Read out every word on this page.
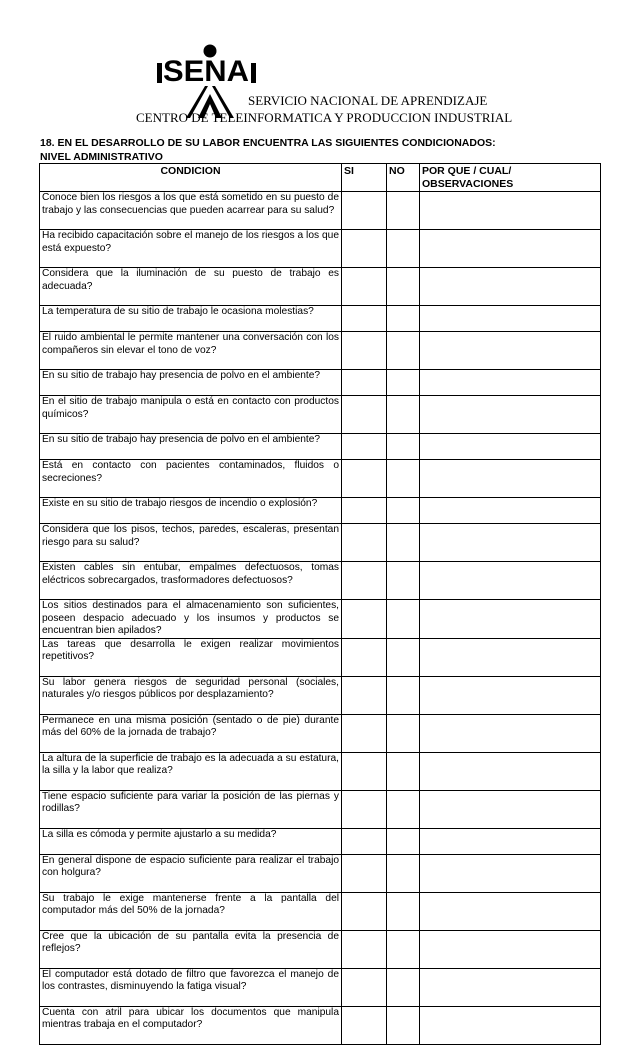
SENA
SERVICIO NACIONAL DE APRENDIZAJE
CENTRO DE TELEINFORMATICA Y PRODUCCION INDUSTRIAL
18. EN EL DESARROLLO DE SU LABOR ENCUENTRA LAS SIGUIENTES CONDICIONADOS:
NIVEL ADMINISTRATIVO
CONDICION	SI	NO	POR QUE / CUAL/ OBSERVACIONES
Conoce bien los riesgos a los que está sometido en su puesto de trabajo y las consecuencias que pueden acarrear para su salud?			
Ha recibido capacitación sobre el manejo de los riesgos a los que está expuesto?			
Considera que la iluminación de su puesto de trabajo es adecuada?			
La temperatura de su sitio de trabajo le ocasiona molestias?			
El ruido ambiental le permite mantener una conversación con los compañeros sin elevar el tono de voz?			
En su sitio de trabajo hay presencia de polvo en el ambiente?			
En el sitio de trabajo manipula o está en contacto con productos químicos?			
En su sitio de trabajo hay presencia de polvo en el ambiente?			
Está en contacto con pacientes contaminados, fluidos o secreciones?			
Existe en su sitio de trabajo riesgos de incendio o explosión?			
Considera que los pisos, techos, paredes, escaleras, presentan riesgo para su salud?			
Existen cables sin entubar, empalmes defectuosos, tomas eléctricos sobrecargados, trasformadores defectuosos?			
Los sitios destinados para el almacenamiento son suficientes, poseen despacio adecuado y los insumos y productos se encuentran bien apilados?			
Las tareas que desarrolla le exigen realizar movimientos repetitivos?			
Su labor genera riesgos de seguridad personal (sociales, naturales y/o riesgos públicos por desplazamiento?			
Permanece en una misma posición (sentado o de pie) durante más del 60% de la jornada de trabajo?			
La altura de la superficie de trabajo es la adecuada a su estatura, la silla y la labor que realiza?			
Tiene espacio suficiente para variar la posición de las piernas y rodillas?			
La silla es cómoda y permite ajustarlo a su medida?			
En general dispone de espacio suficiente para realizar el trabajo con holgura?			
Su trabajo le exige mantenerse frente a la pantalla del computador más del 50% de la jornada?			
Cree que la ubicación de su pantalla evita la presencia de reflejos?			
El computador está dotado de filtro que favorezca el manejo de los contrastes, disminuyendo la fatiga visual?			
Cuenta con atril para ubicar los documentos que manipula mientras trabaja en el computador?			
